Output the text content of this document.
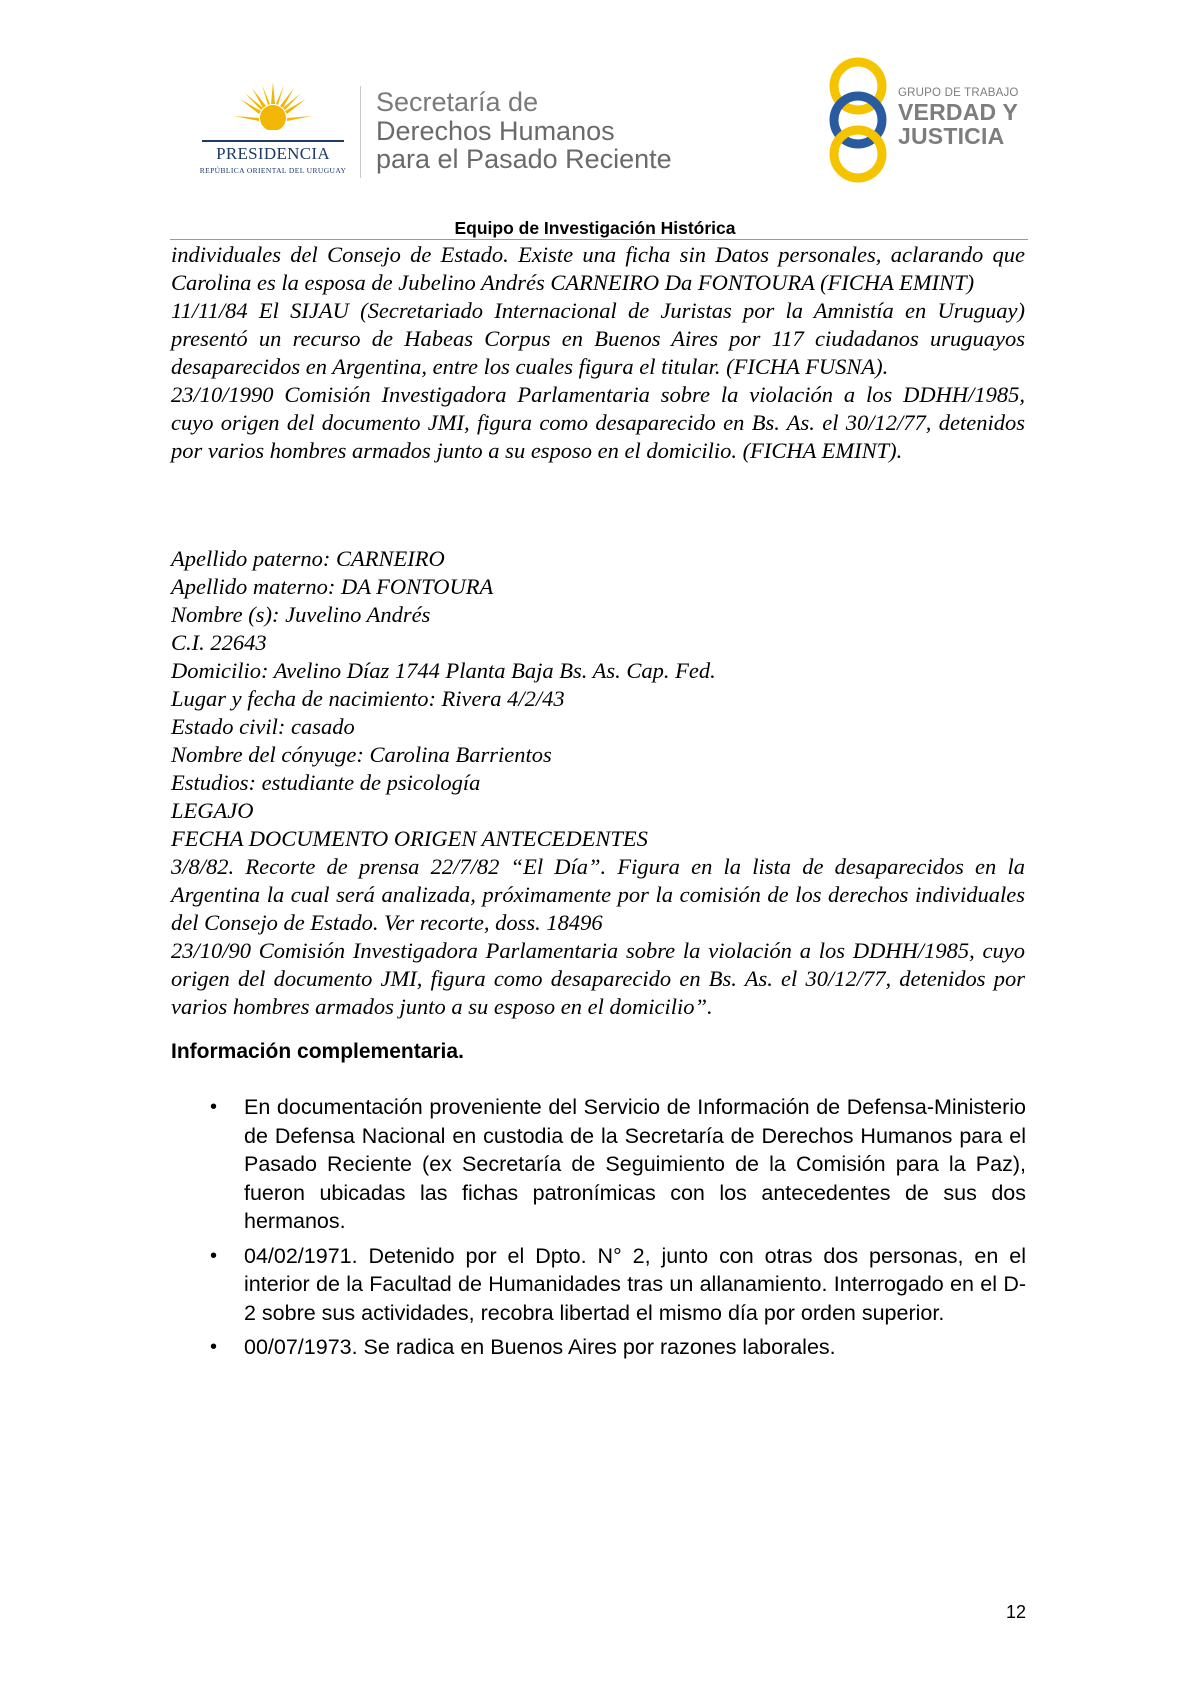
PRESIDENCIA
REPÚBLICA ORIENTAL DEL URUGUAY
Secretaría de
Derechos Humanos
para el Pasado Reciente
GRUPO DE TRABAJO
VERDAD Y
JUSTICIA
Equipo de Investigación Histórica

individuales del Consejo de Estado. Existe una ficha sin Datos personales, aclarando que Carolina es la esposa de Jubelino Andrés CARNEIRO Da FONTOURA (FICHA EMINT)

11/11/84 El SIJAU (Secretariado Internacional de Juristas por la Amnistía en Uruguay) presentó un recurso de Habeas Corpus en Buenos Aires por 117 ciudadanos uruguayos desaparecidos en Argentina, entre los cuales figura el titular. (FICHA FUSNA).

23/10/1990 Comisión Investigadora Parlamentaria sobre la violación a los DDHH/1985, cuyo origen del documento JMI, figura como desaparecido en Bs. As. el 30/12/77, detenidos por varios hombres armados junto a su esposo en el domicilio. (FICHA EMINT).

Apellido paterno: CARNEIRO

Apellido materno: DA FONTOURA

Nombre (s): Juvelino Andrés

C.I. 22643

Domicilio: Avelino Díaz 1744 Planta Baja Bs. As. Cap. Fed.

Lugar y fecha de nacimiento: Rivera 4/2/43

Estado civil: casado

Nombre del cónyuge: Carolina Barrientos

Estudios: estudiante de psicología

LEGAJO

FECHA DOCUMENTO ORIGEN ANTECEDENTES

3/8/82. Recorte de prensa 22/7/82 “El Día”. Figura en la lista de desaparecidos en la Argentina la cual será analizada, próximamente por la comisión de los derechos individuales del Consejo de Estado. Ver recorte, doss. 18496

23/10/90 Comisión Investigadora Parlamentaria sobre la violación a los DDHH/1985, cuyo origen del documento JMI, figura como desaparecido en Bs. As. el 30/12/77, detenidos por varios hombres armados junto a su esposo en el domicilio”.

Información complementaria.
• En documentación proveniente del Servicio de Información de Defensa-Ministerio de Defensa Nacional en custodia de la Secretaría de Derechos Humanos para el Pasado Reciente (ex Secretaría de Seguimiento de la Comisión para la Paz), fueron ubicadas las fichas patronímicas con los antecedentes de sus dos hermanos.
• 04/02/1971. Detenido por el Dpto. N° 2, junto con otras dos personas, en el interior de la Facultad de Humanidades tras un allanamiento. Interrogado en el D-2 sobre sus actividades, recobra libertad el mismo día por orden superior.
• 00/07/1973. Se radica en Buenos Aires por razones laborales.
12
